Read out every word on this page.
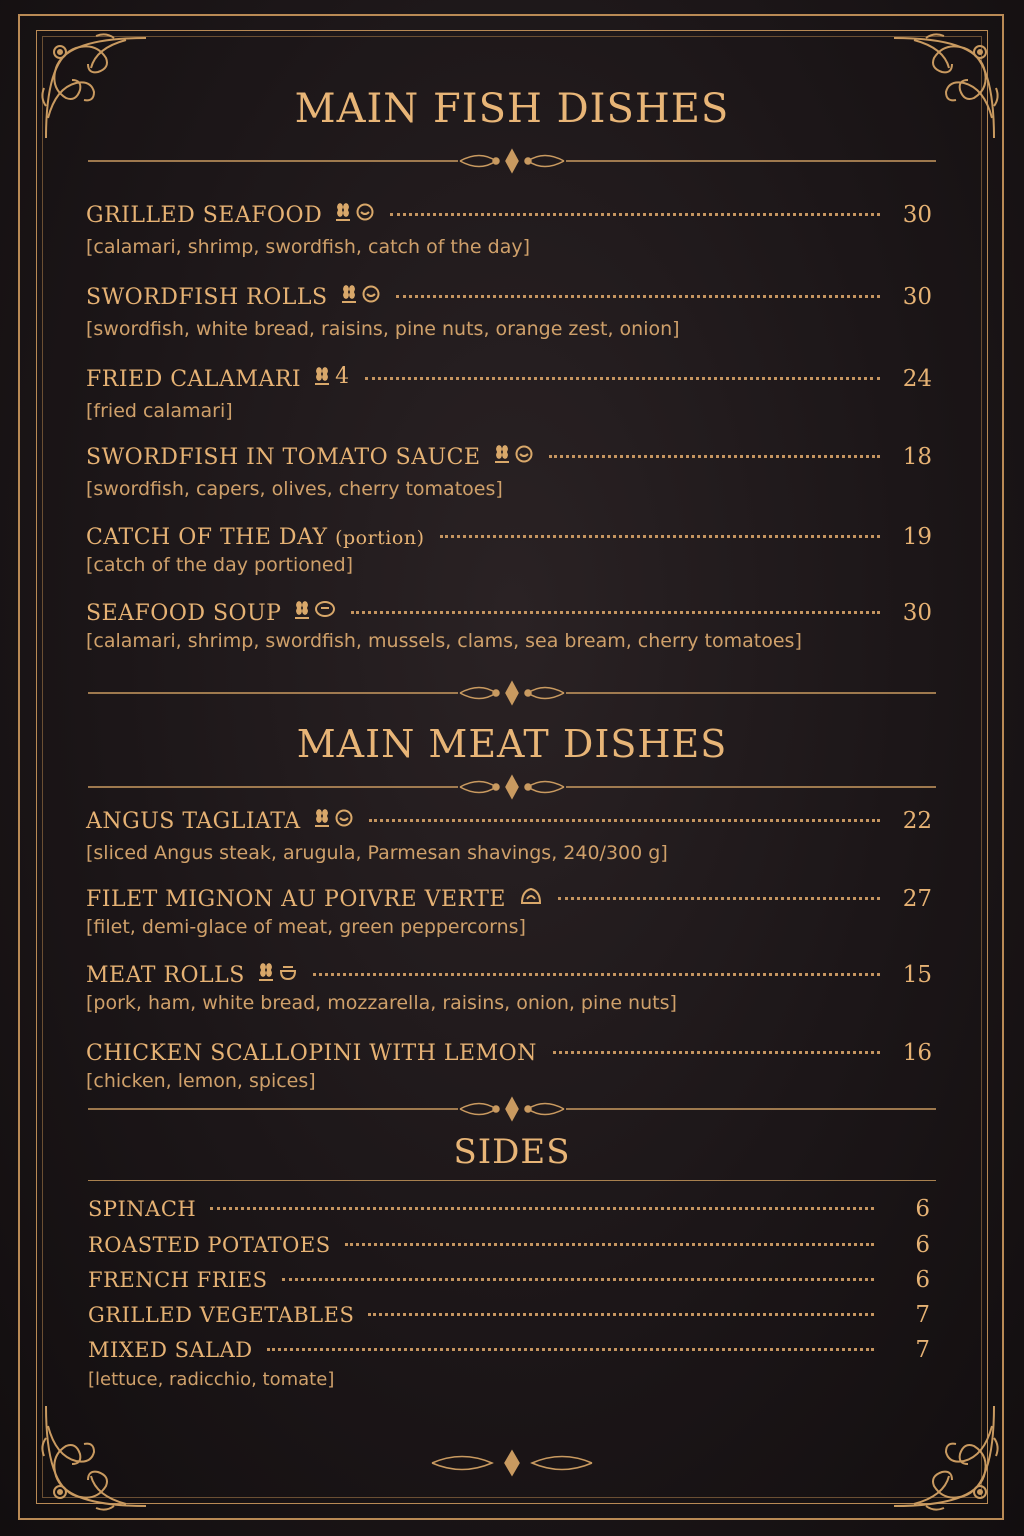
MAIN FISH DISHES
GRILLED SEAFOOD	30
[calamari, shrimp, swordfish, catch of the day]
SWORDFISH ROLLS	30
[swordfish, white bread, raisins, pine nuts, orange zest, onion]
FRIED CALAMARI 4	24
[fried calamari]
SWORDFISH IN TOMATO SAUCE	18
[swordfish, capers, olives, cherry tomatoes]
CATCH OF THE DAY (portion)	19
[catch of the day portioned]
SEAFOOD SOUP	30
[calamari, shrimp, swordfish, mussels, clams, sea bream, cherry tomatoes]
MAIN MEAT DISHES
ANGUS TAGLIATA	22
[sliced Angus steak, arugula, Parmesan shavings, 240/300 g]
FILET MIGNON AU POIVRE VERTE	27
[filet, demi-glace of meat, green peppercorns]
MEAT ROLLS	15
[pork, ham, white bread, mozzarella, raisins, onion, pine nuts]
CHICKEN SCALLOPINI WITH LEMON	16
[chicken, lemon, spices]
SIDES
SPINACH	6
ROASTED POTATOES	6
FRENCH FRIES	6
GRILLED VEGETABLES	7
MIXED SALAD	7
[lettuce, radicchio, tomate]
